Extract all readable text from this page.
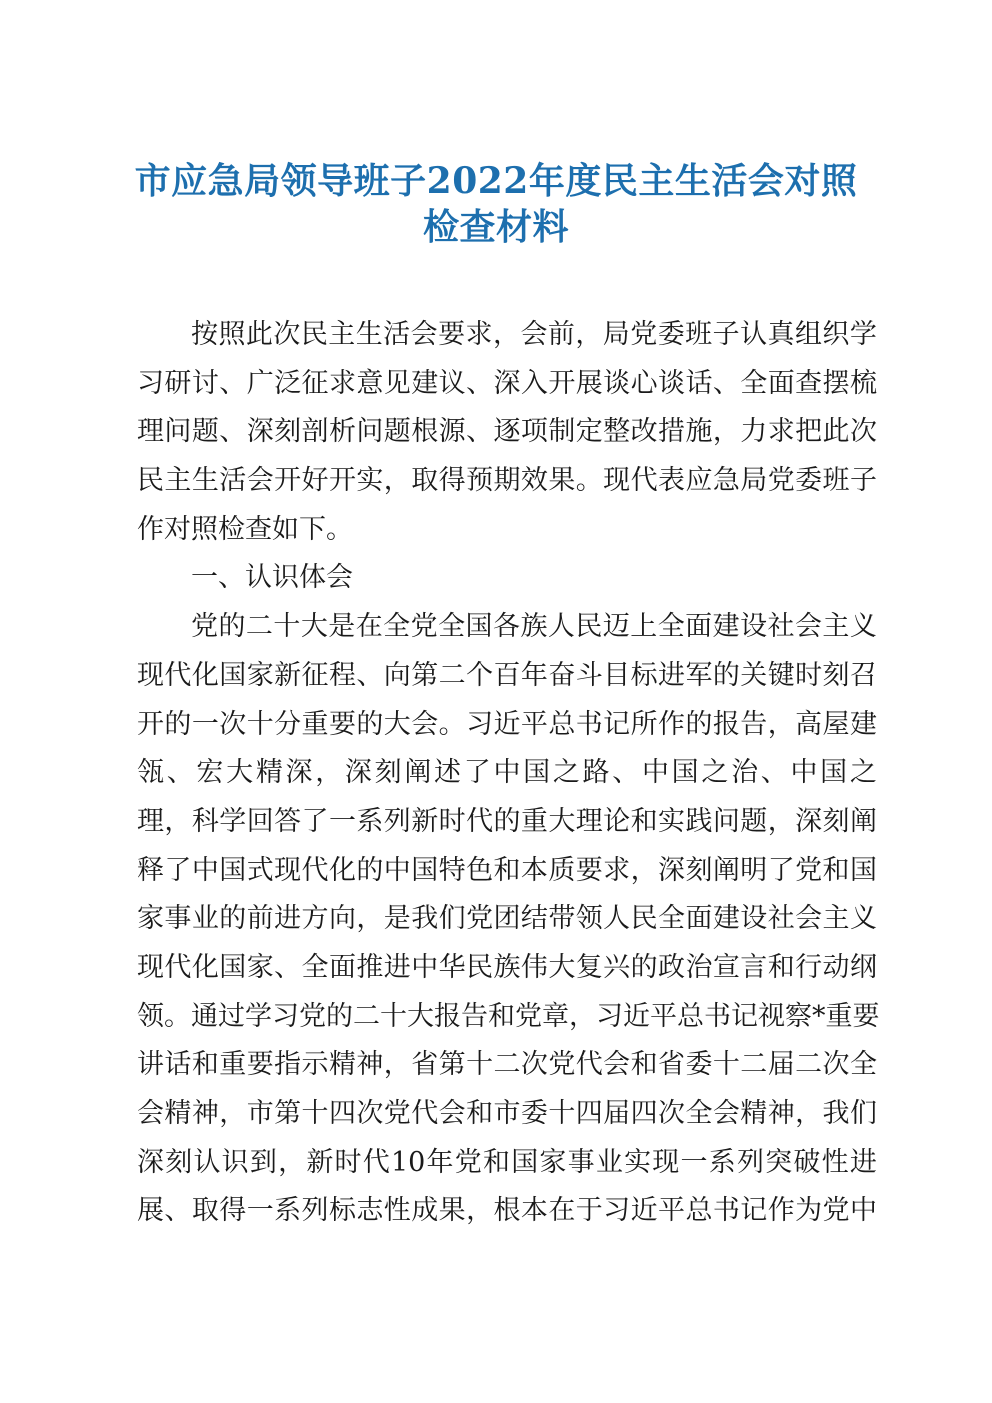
市应急局领导班子2022年度民主生活会对照
检查材料
按 照 此 次 民 主 生 活 会 要 求 ， 会 前 ， 局 党 委 班 子 认 真 组 织 学
习 研 讨 、 广 泛 征 求 意 见 建 议 、 深 入 开 展 谈 心 谈 话 、 全 面 查 摆 梳
理 问 题 、 深 刻 剖 析 问 题 根 源 、 逐 项 制 定 整 改 措 施 ， 力 求 把 此 次
民 主 生 活 会 开 好 开 实 ， 取 得 预 期 效 果 。 现 代 表 应 急 局 党 委 班 子
作 对 照 检 查 如 下 。
一 、 认 识 体 会
党 的 二 十 大 是 在 全 党 全 国 各 族 人 民 迈 上 全 面 建 设 社 会 主 义
现 代 化 国 家 新 征 程 、 向 第 二 个 百 年 奋 斗 目 标 进 军 的 关 键 时 刻 召
开 的 一 次 十 分 重 要 的 大 会 。 习 近 平 总 书 记 所 作 的 报 告 ， 高 屋 建
瓴 、 宏 大 精 深 ， 深 刻 阐 述 了 中 国 之 路 、 中 国 之 治 、 中 国 之
理 ， 科 学 回 答 了 一 系 列 新 时 代 的 重 大 理 论 和 实 践 问 题 ， 深 刻 阐
释 了 中 国 式 现 代 化 的 中 国 特 色 和 本 质 要 求 ， 深 刻 阐 明 了 党 和 国
家 事 业 的 前 进 方 向 ， 是 我 们 党 团 结 带 领 人 民 全 面 建 设 社 会 主 义
现 代 化 国 家 、 全 面 推 进 中 华 民 族 伟 大 复 兴 的 政 治 宣 言 和 行 动 纲
领 。 通 过 学 习 党 的 二 十 大 报 告 和 党 章 ， 习 近 平 总 书 记 视 察 * 重 要
讲 话 和 重 要 指 示 精 神 ， 省 第 十 二 次 党 代 会 和 省 委 十 二 届 二 次 全
会 精 神 ， 市 第 十 四 次 党 代 会 和 市 委 十 四 届 四 次 全 会 精 神 ， 我 们
深 刻 认 识 到 ， 新 时 代 10 年 党 和 国 家 事 业 实 现 一 系 列 突 破 性 进
展 、 取 得 一 系 列 标 志 性 成 果 ， 根 本 在 于 习 近 平 总 书 记 作 为 党 中
